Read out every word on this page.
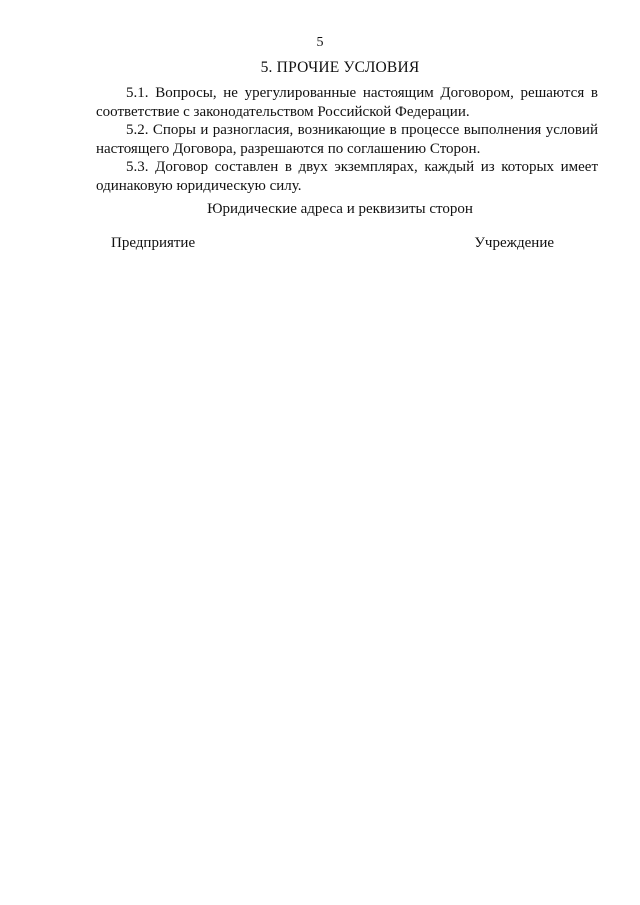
5
5. ПРОЧИЕ УСЛОВИЯ

5.1. Вопросы, не урегулированные настоящим Договором, решаются в соответствие с законодательством Российской Федерации.

5.2. Споры и разногласия, возникающие в процессе выполнения условий настоящего Договора, разрешаются по соглашению Сторон.

5.3. Договор составлен в двух экземплярах, каждый из которых имеет одинаковую юридическую силу.

Юридические адреса и реквизиты сторон
Предприятие	Учреждение
